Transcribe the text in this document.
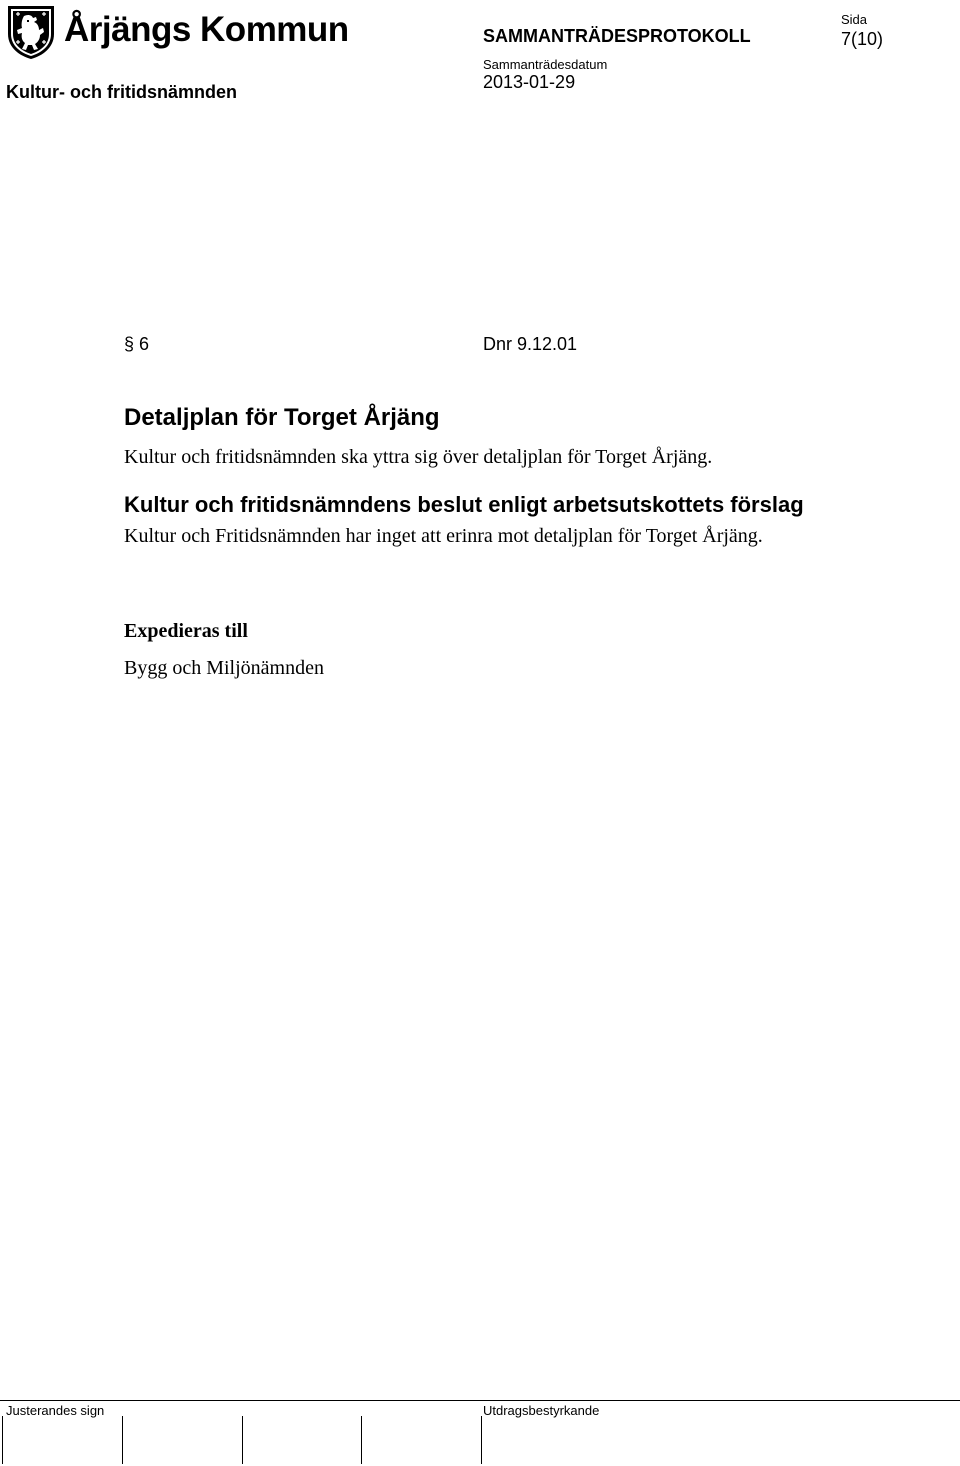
Årjängs Kommun
Kultur- och fritidsnämnden
SAMMANTRÄDESPROTOKOLL
Sammanträdesdatum
2013-01-29
Sida
7(10)
§ 6	Dnr 9.12.01
Detaljplan för Torget Årjäng
Kultur och fritidsnämnden ska yttra sig över detaljplan för Torget Årjäng.
Kultur och fritidsnämndens beslut enligt arbetsutskottets förslag
Kultur och Fritidsnämnden har inget att erinra mot detaljplan för Torget Årjäng.
Expedieras till
Bygg och Miljönämnden
Justerandes sign	Utdragsbestyrkande
